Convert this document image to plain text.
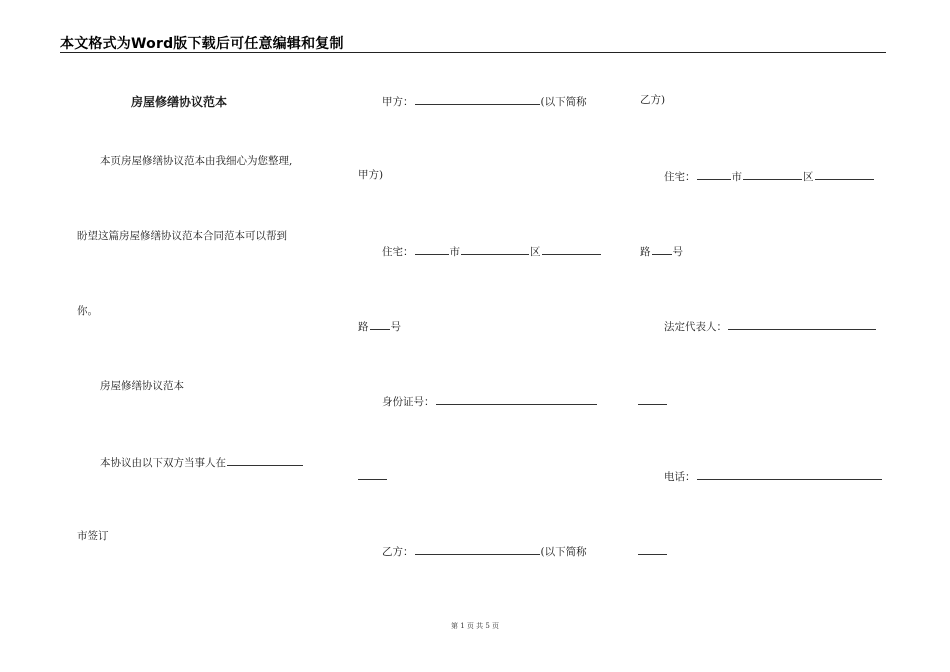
本文格式为Word版下载后可任意编辑和复制
房屋修缮协议范本
本页房屋修缮协议范本由我细心为您整理,
盼望这篇房屋修缮协议范本合同范本可以帮到
你。
房屋修缮协议范本
本协议由以下双方当事人在
市签订
甲方：	(以下简称
甲方)
住宅：	市	区
路 号
身份证号：
乙方：	(以下简称
乙方)
住宅：	市	区
路 号
法定代表人：
电话：
第 1 页 共 5 页
